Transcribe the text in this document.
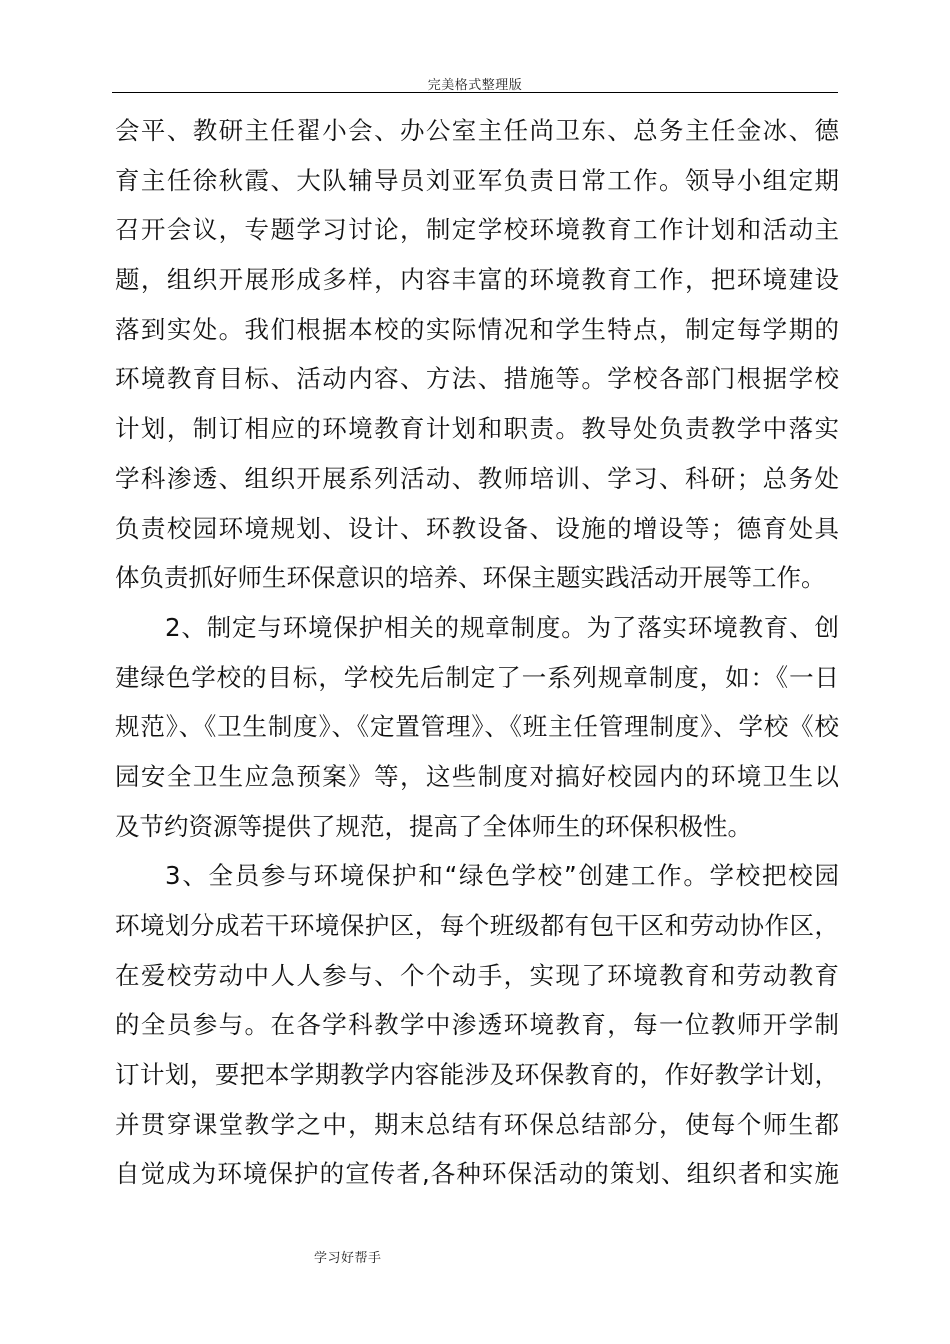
完美格式整理版
会平、教研主任翟小会、办公室主任尚卫东、总务主任金冰、德
育主任徐秋霞、大队辅导员刘亚军负责日常工作。领导小组定期
召开会议，专题学习讨论，制定学校环境教育工作计划和活动主
题，组织开展形成多样，内容丰富的环境教育工作，把环境建设
落到实处。我们根据本校的实际情况和学生特点，制定每学期的
环境教育目标、活动内容、方法、措施等。学校各部门根据学校
计划，制订相应的环境教育计划和职责。教导处负责教学中落实
学科渗透、组织开展系列活动、教师培训、学习、科研；总务处
负责校园环境规划、设计、环教设备、设施的增设等；德育处具
体负责抓好师生环保意识的培养、环保主题实践活动开展等工作。
2、制定与环境保护相关的规章制度。为了落实环境教育、创
建绿色学校的目标，学校先后制定了一系列规章制度，如：《一日
规范》、《卫生制度》、《定置管理》、《班主任管理制度》、学校《校
园安全卫生应急预案》等，这些制度对搞好校园内的环境卫生以
及节约资源等提供了规范，提高了全体师生的环保积极性。
3、全员参与环境保护和“绿色学校”创建工作。学校把校园
环境划分成若干环境保护区，每个班级都有包干区和劳动协作区，
在爱校劳动中人人参与、个个动手，实现了环境教育和劳动教育
的全员参与。在各学科教学中渗透环境教育，每一位教师开学制
订计划，要把本学期教学内容能涉及环保教育的，作好教学计划，
并贯穿课堂教学之中，期末总结有环保总结部分，使每个师生都
自觉成为环境保护的宣传者,各种环保活动的策划、组织者和实施
学习好帮手
